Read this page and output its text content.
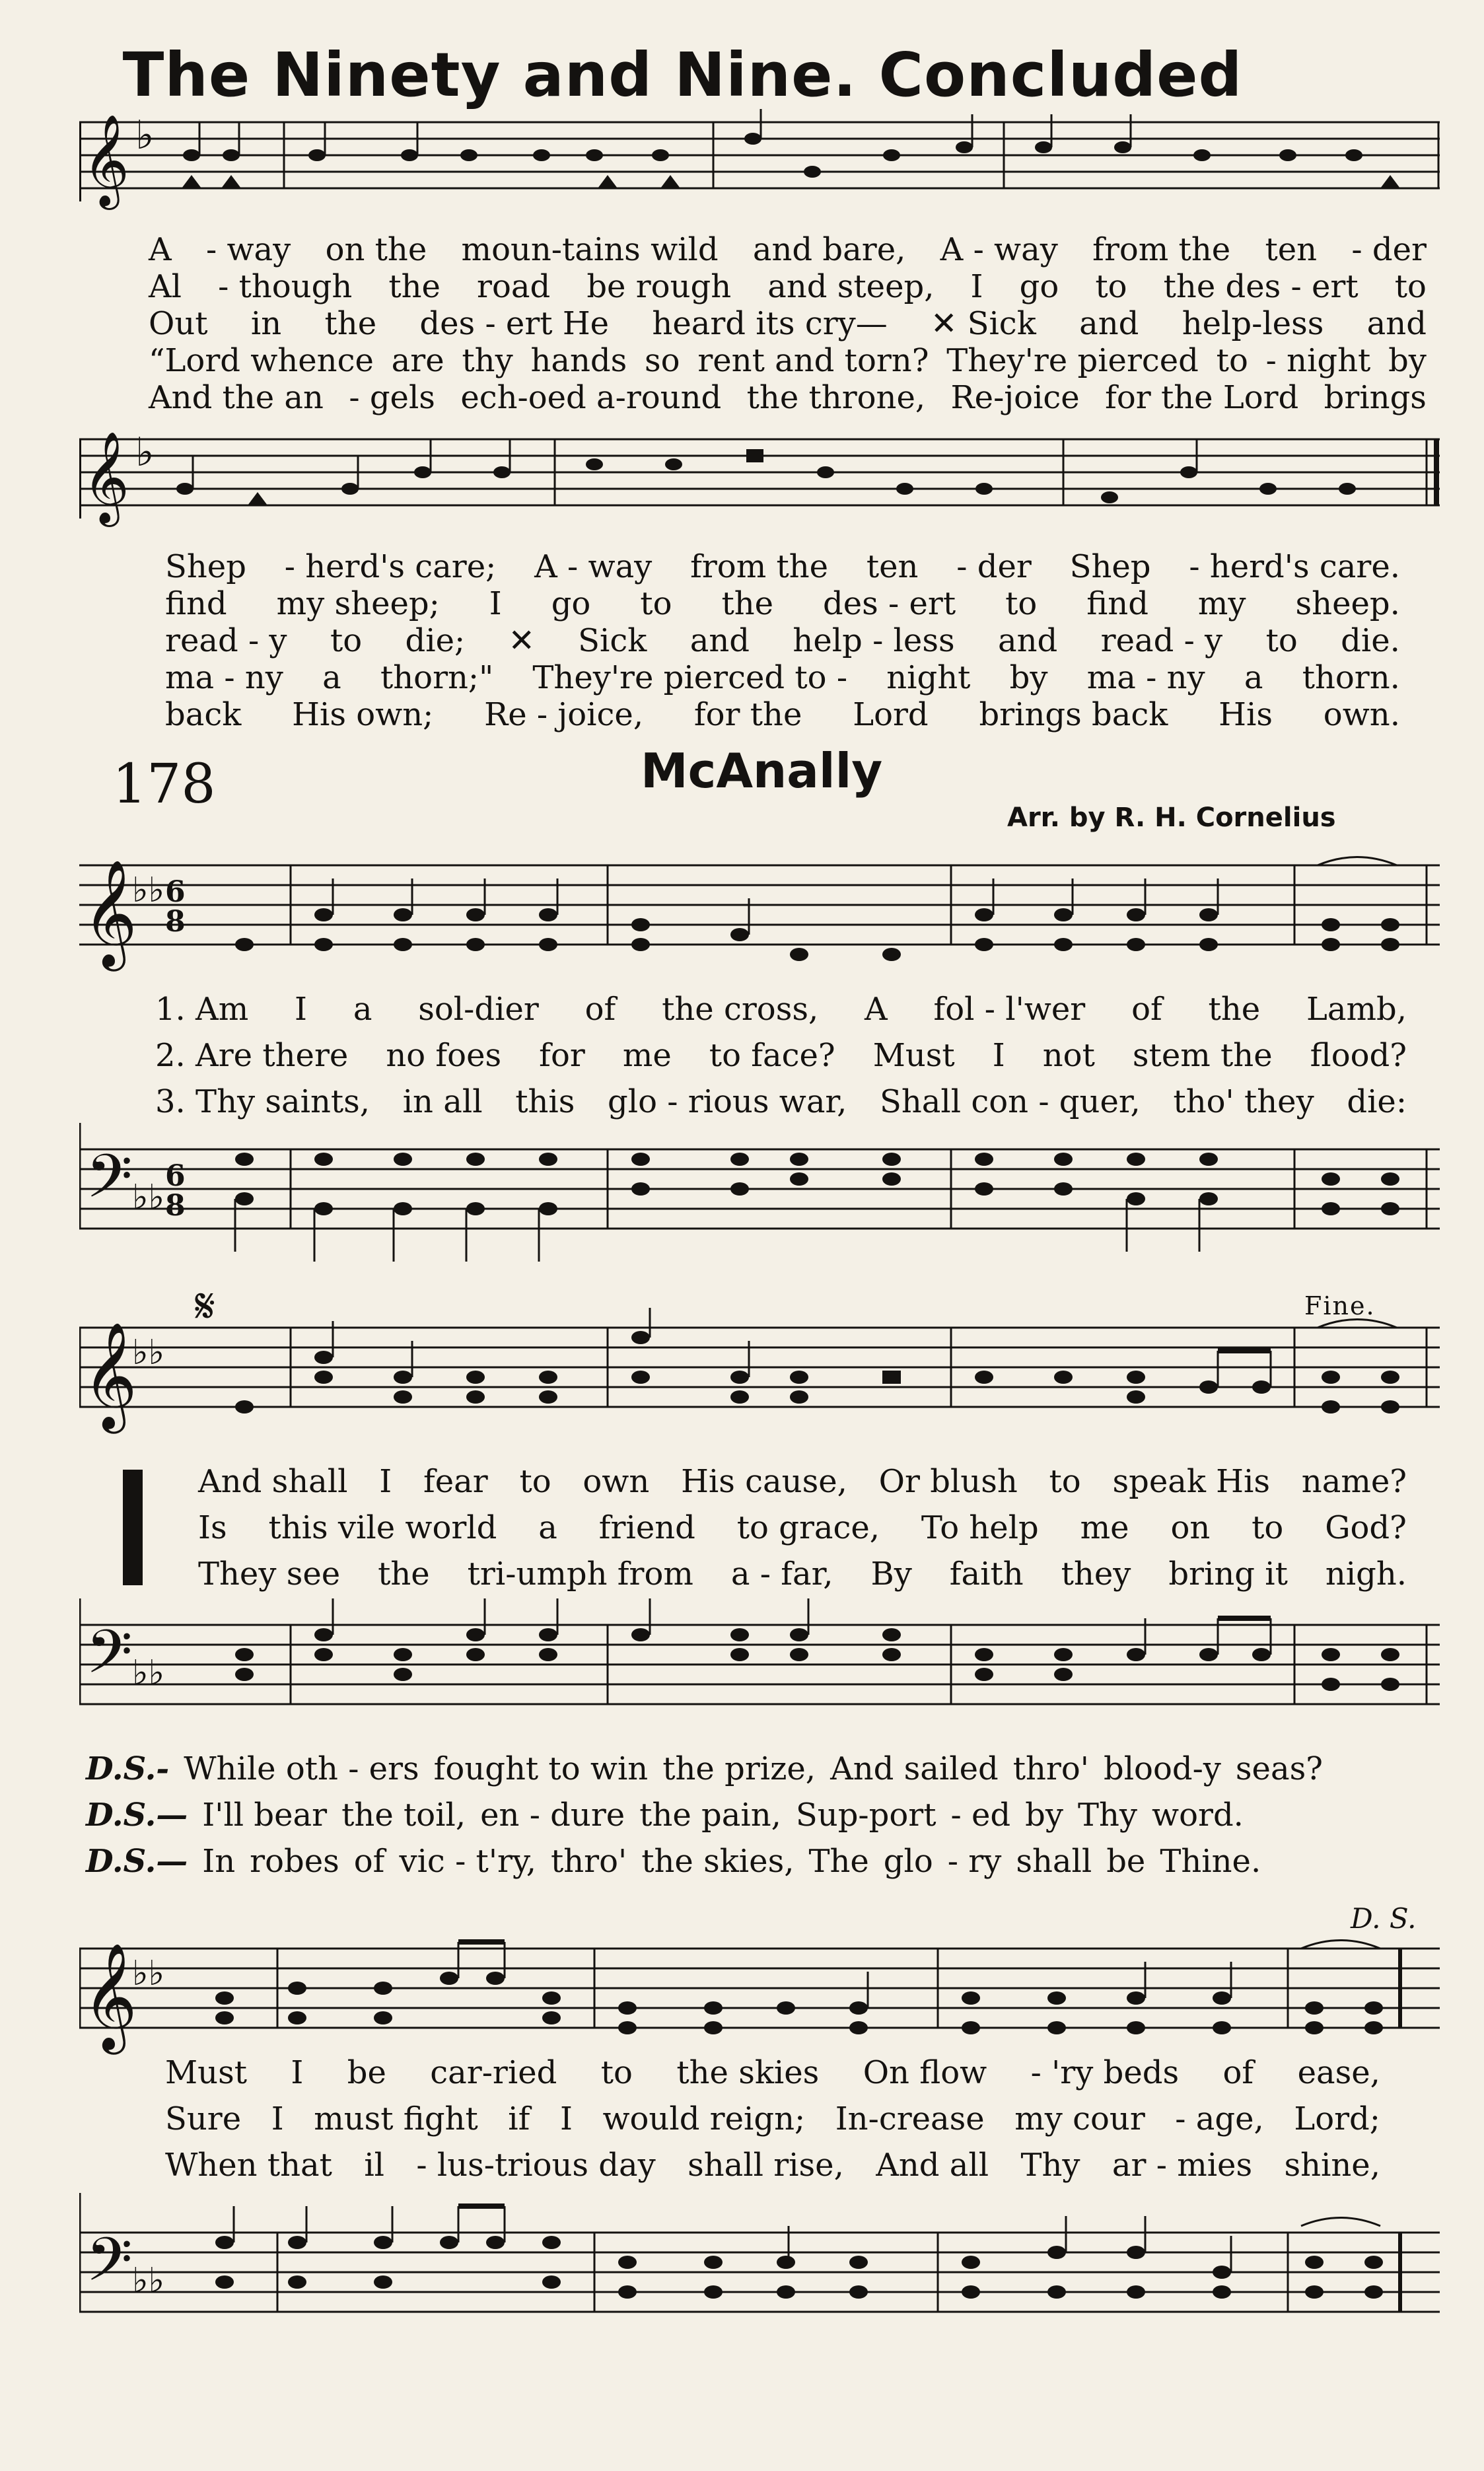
The Ninety and Nine. Concluded
𝄞 ♭
A - way on the moun-tains wild and bare, A - way from the ten - der
Al - though the road be rough and steep, I go to the des - ert to
Out in the des - ert He heard its cry— ✕ Sick and help-less and
“Lord whence are thy hands so rent and torn? They're pierced to - night by
And the an - gels ech-oed a-round the throne, Re-joice for the Lord brings
𝄞 ♭
Shep - herd's care; A - way from the ten - der Shep - herd's care.
find my sheep; I go to the des - ert to find my sheep.
read - y to die; ✕ Sick and help - less and read - y to die.
ma - ny a thorn;" They're pierced to - night by ma - ny a thorn.
back His own; Re - joice, for the Lord brings back His own.
178	McAnally
Arr. by R. H. Cornelius
𝄞
♭♭ 6
8
1. Am I a sol-dier of the cross, A fol - l'wer of the Lamb,
2. Are there no foes for me to face? Must I not stem the flood?
3. Thy saints, in all this glo - rious war, Shall con - quer, tho' they die:
𝄢 ♭♭
6
8
𝄋	Fine.
𝄞
♭♭
And shall I fear to own His cause, Or blush to speak His name?
Is this vile world a friend to grace, To help me on to God?
They see the tri-umph from a - far, By faith they bring it nigh.
𝄢 ♭♭
D.S.- While oth - ers fought to win the prize, And sailed thro' blood-y seas?
D.S.— I'll bear the toil, en - dure the pain, Sup-port - ed by Thy word.
D.S.— In robes of vic - t'ry, thro' the skies, The glo - ry shall be Thine.
D. S.
𝄞
♭♭
Must I be car-ried to the skies On flow - 'ry beds of ease,
Sure I must fight if I would reign; In-crease my cour - age, Lord;
When that il - lus-trious day shall rise, And all Thy ar - mies shine,
𝄢 ♭♭
